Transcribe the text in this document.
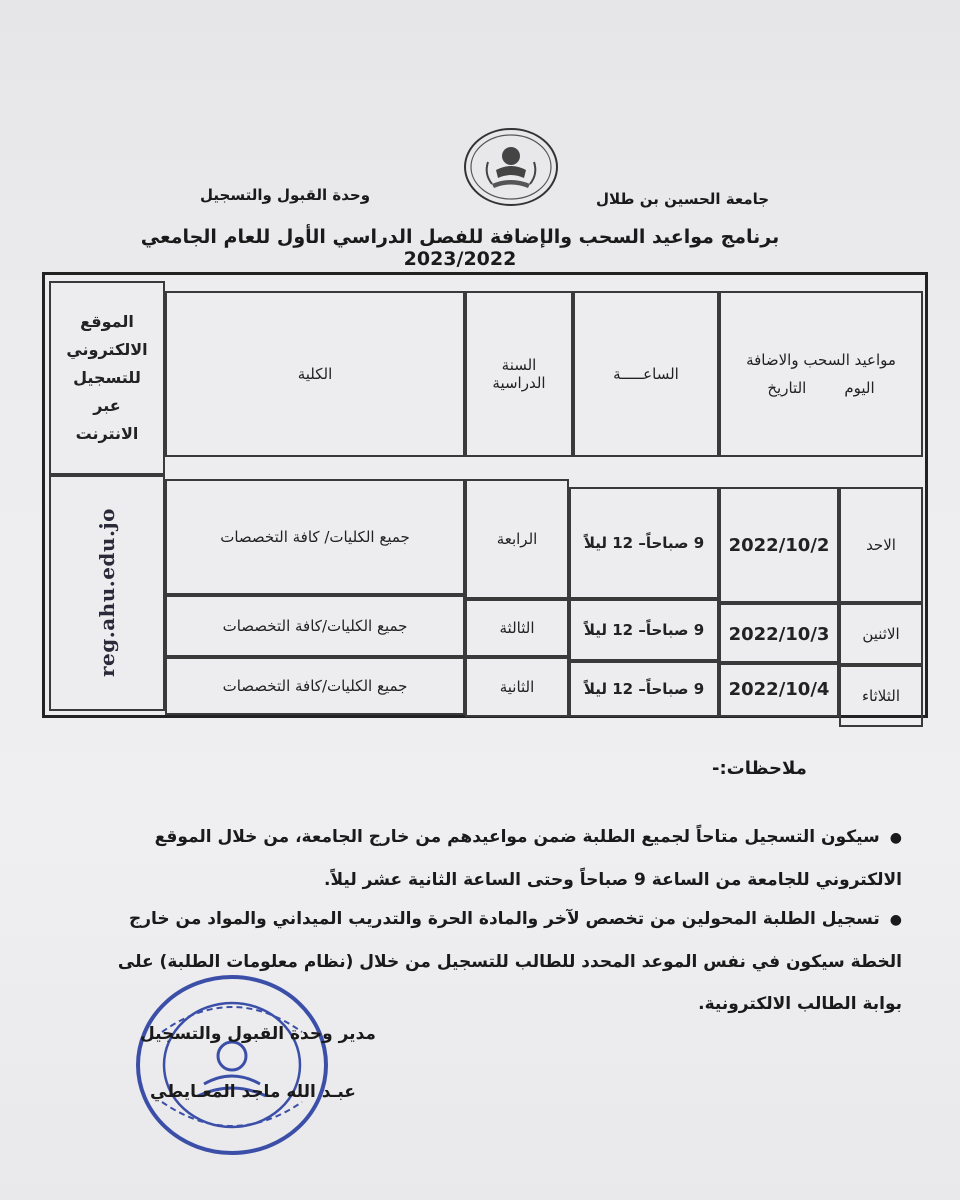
وحدة القبول والتسجيل	جامعة الحسين بن طلال
برنامج مواعيد السحب والإضافة للفصل الدراسي الأول للعام الجامعي 2023/2022
مواعيد السحب والاضافة
اليوم
التاريخ
الساعـــــة
السنة الدراسية
الكلية
الموقع الالكتروني للتسجيل عبر الانترنت
reg.ahu.edu.jo	الاحد
2022/10/2
9 صباحاً– 12 ليلاً
الرابعة
جميع الكليات/ كافة التخصصات
الاثنين
2022/10/3
9 صباحاً– 12 ليلاً
الثالثة
جميع الكليات/كافة التخصصات
الثلاثاء
2022/10/4
9 صباحاً– 12 ليلاً
الثانية
جميع الكليات/كافة التخصصات
ملاحظات:-
●سيكون التسجيل متاحاً لجميع الطلبة ضمن مواعيدهم من خارج الجامعة، من خلال الموقع الالكتروني للجامعة من الساعة 9 صباحاً وحتى الساعة الثانية عشر ليلاً.
●تسجيل الطلبة المحولين من تخصص لآخر والمادة الحرة والتدريب الميداني والمواد من خارج الخطة سيكون في نفس الموعد المحدد للطالب للتسجيل من خلال (نظام معلومات الطلبة) على بوابة الطالب الالكترونية.
مدير وحدة القبول والتسجيل
عبـد الله ماجد المعـايطي
